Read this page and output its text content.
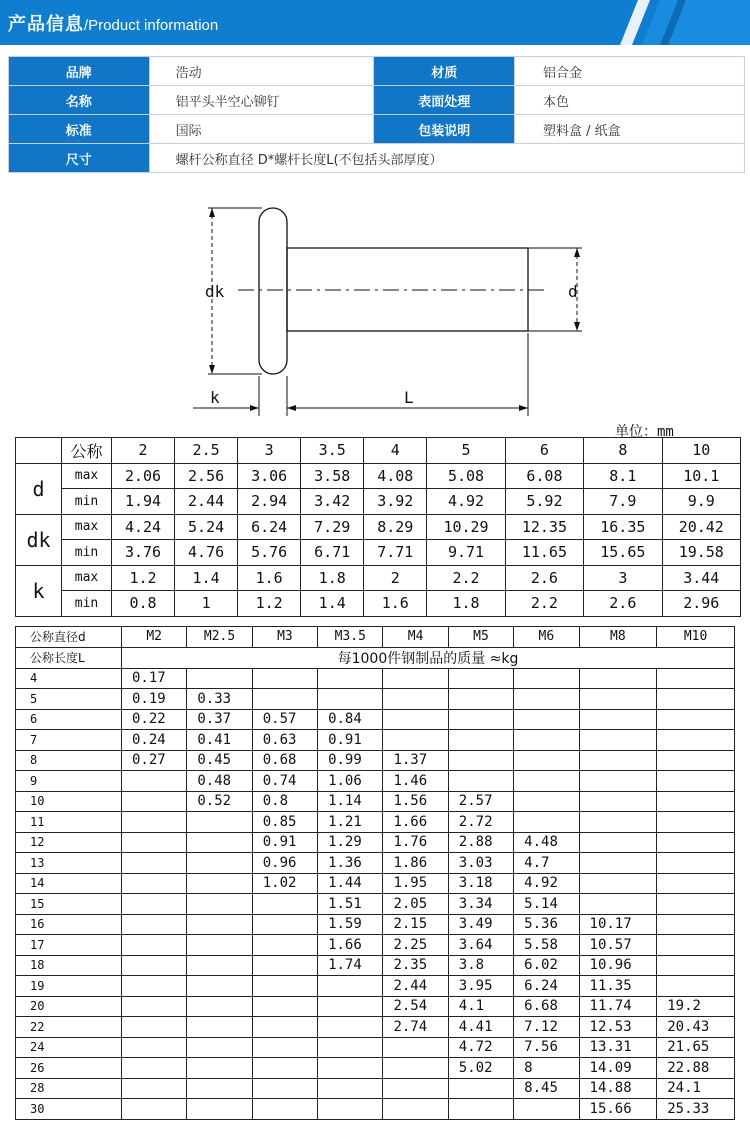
产品信息/Product information
品牌	浩动	材质	铝合金
名称	铝平头半空心铆钉	表面处理	本色
标准	国际	包装说明	塑料盒 / 纸盒
尺寸	螺杆公称直径 D*螺杆长度L(不包括头部厚度）		
dk	d
k	L
单位：mm
	公称	2	2.5	3	3.5	4	5	6	8	10
d	max	2.06	2.56	3.06	3.58	4.08	5.08	6.08	8.1	10.1
	min	1.94	2.44	2.94	3.42	3.92	4.92	5.92	7.9	9.9
dk	max	4.24	5.24	6.24	7.29	8.29	10.29	12.35	16.35	20.42
	min	3.76	4.76	5.76	6.71	7.71	9.71	11.65	15.65	19.58
k	max	1.2	1.4	1.6	1.8	2	2.2	2.6	3	3.44
	min	0.8	1	1.2	1.4	1.6	1.8	2.2	2.6	2.96
公称直径d	M2	M2.5	M3	M3.5	M4	M5	M6	M8	M10
公称长度L	每1000件钢制品的质量 ≈kg								
4	0.17								
5	0.19	0.33							
6	0.22	0.37	0.57	0.84					
7	0.24	0.41	0.63	0.91					
8	0.27	0.45	0.68	0.99	1.37				
9		0.48	0.74	1.06	1.46				
10		0.52	0.8	1.14	1.56	2.57			
11			0.85	1.21	1.66	2.72			
12			0.91	1.29	1.76	2.88	4.48		
13			0.96	1.36	1.86	3.03	4.7		
14			1.02	1.44	1.95	3.18	4.92		
15				1.51	2.05	3.34	5.14		
16				1.59	2.15	3.49	5.36	10.17	
17				1.66	2.25	3.64	5.58	10.57	
18				1.74	2.35	3.8	6.02	10.96	
19					2.44	3.95	6.24	11.35	
20					2.54	4.1	6.68	11.74	19.2
22					2.74	4.41	7.12	12.53	20.43
24						4.72	7.56	13.31	21.65
26						5.02	8	14.09	22.88
28							8.45	14.88	24.1
30								15.66	25.33
